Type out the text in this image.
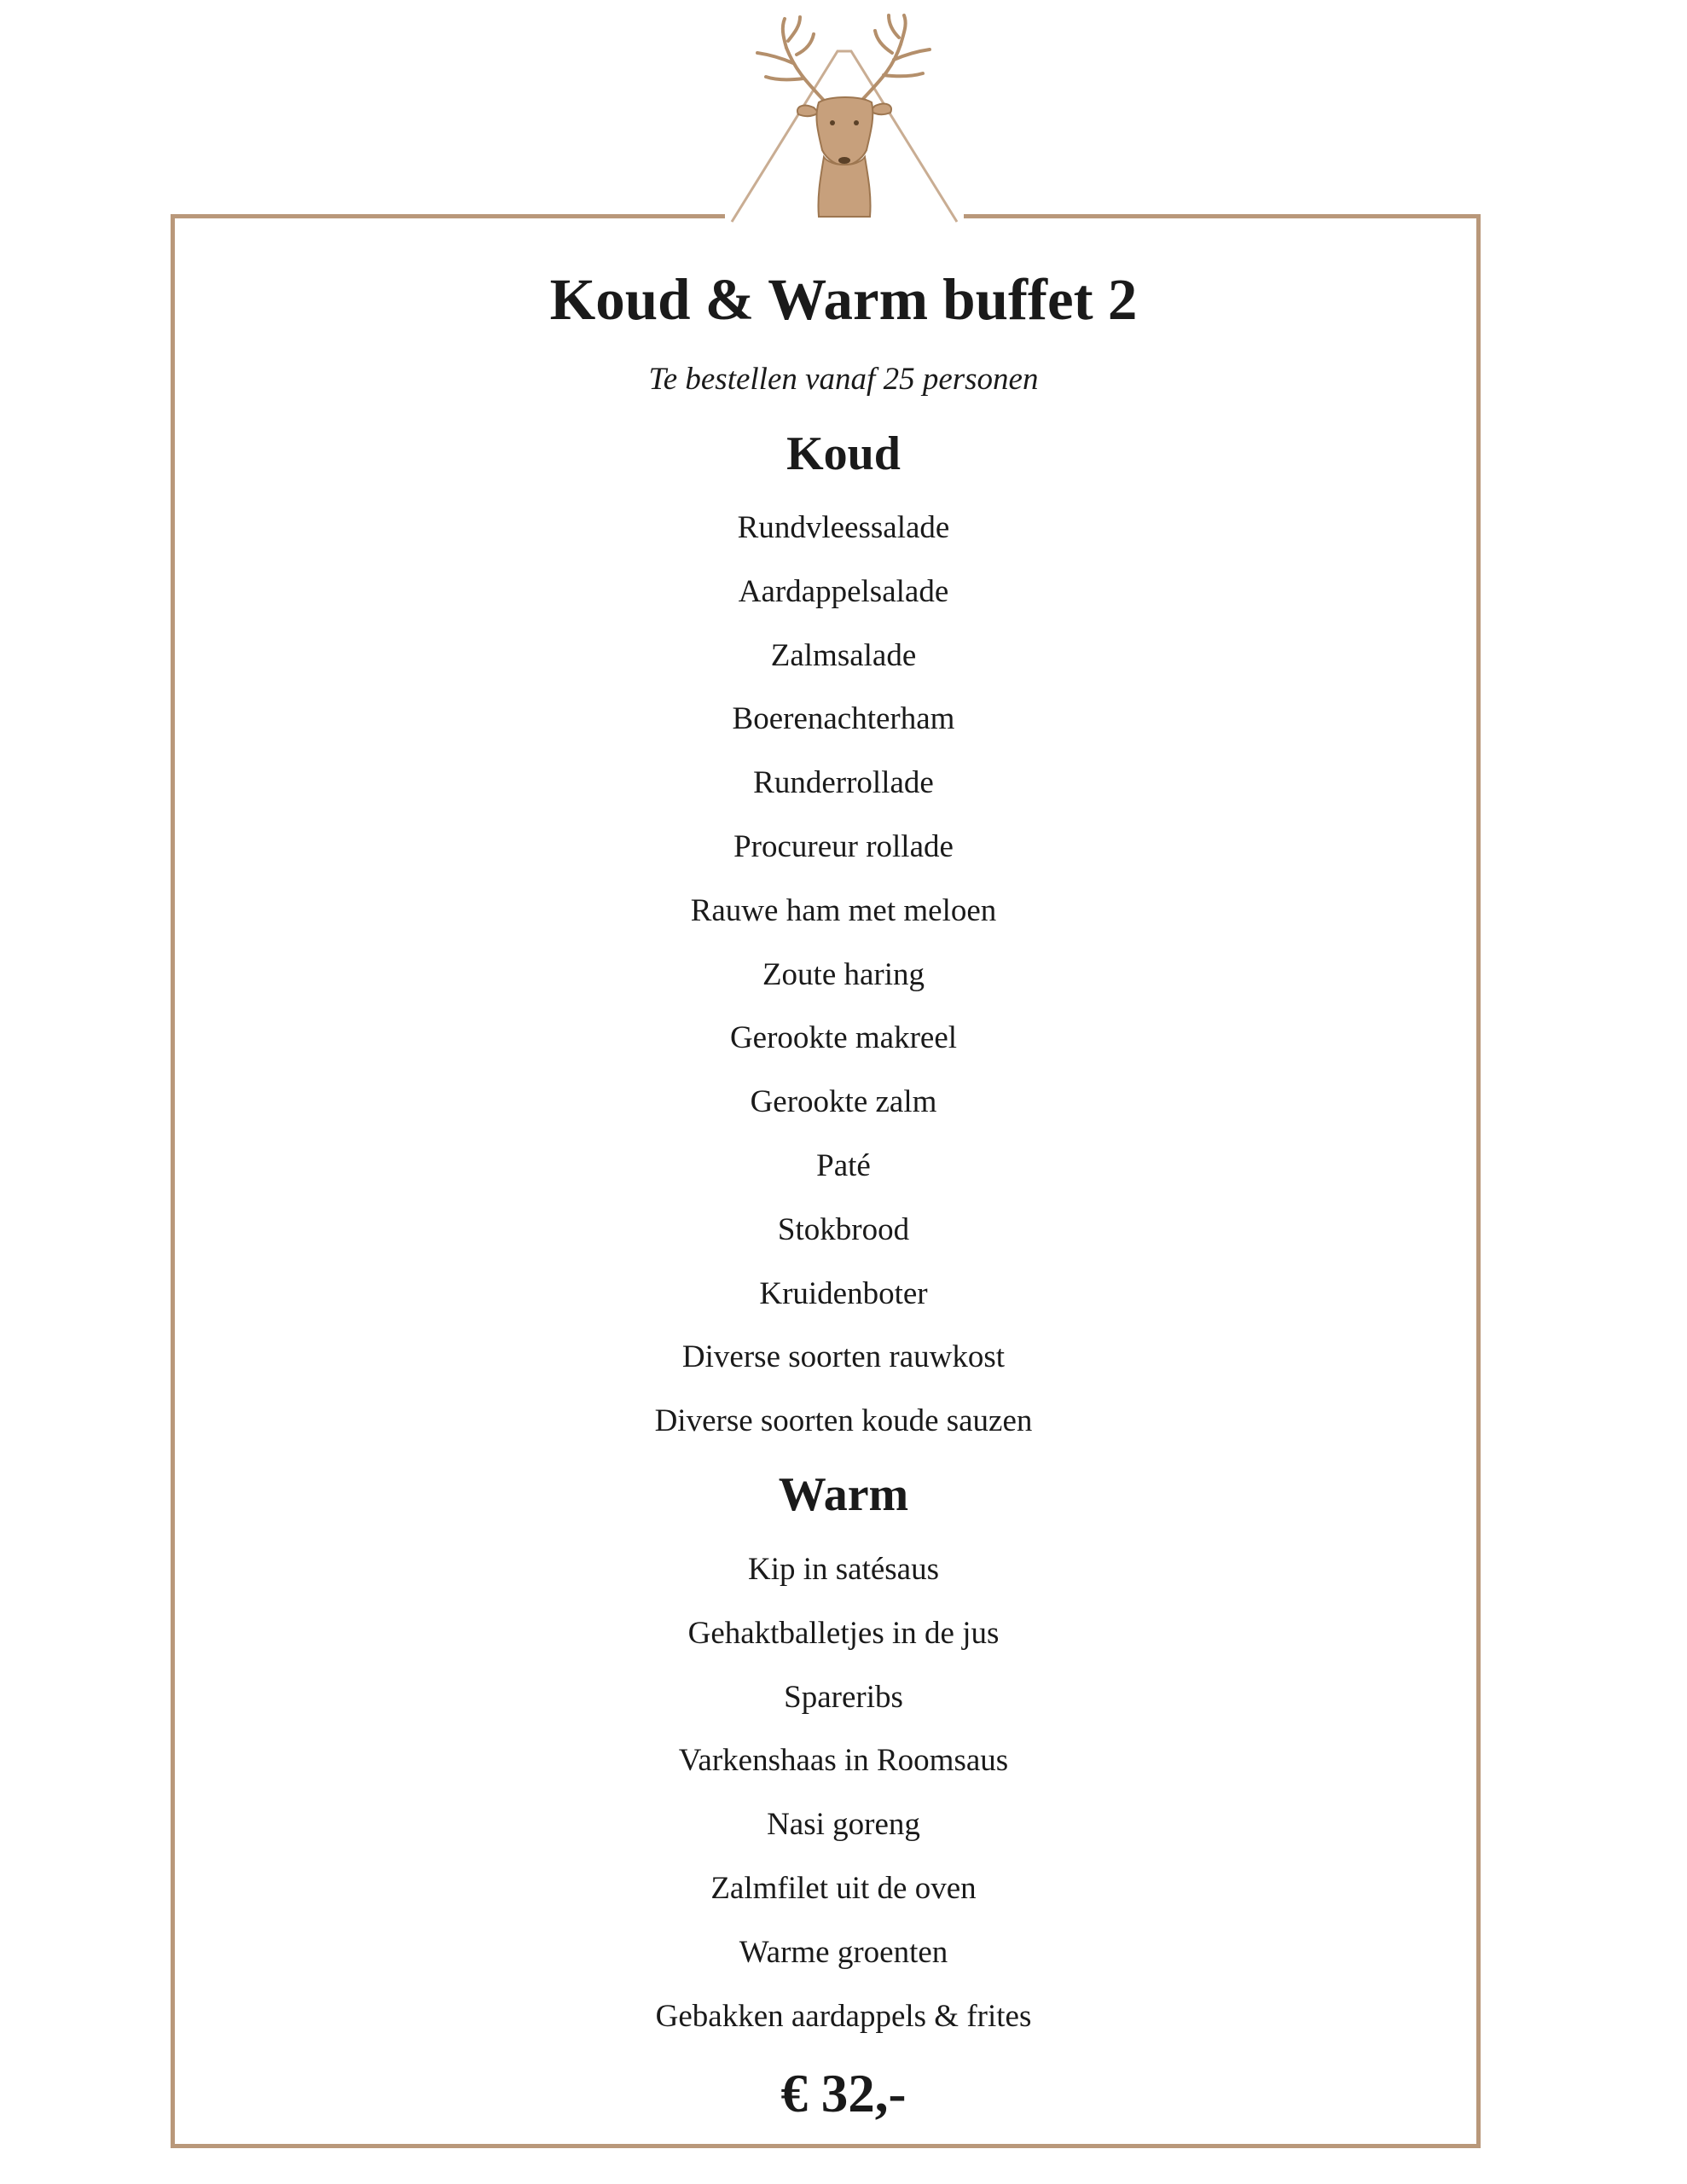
Koud & Warm buffet 2

Te bestellen vanaf 25 personen

Koud

Rundvleessalade

Aardappelsalade

Zalmsalade

Boerenachterham

Runderrollade

Procureur rollade

Rauwe ham met meloen

Zoute haring

Gerookte makreel

Gerookte zalm

Paté

Stokbrood

Kruidenboter

Diverse soorten rauwkost

Diverse soorten koude sauzen

Warm

Kip in satésaus

Gehaktballetjes in de jus

Spareribs

Varkenshaas in Roomsaus

Nasi goreng

Zalmfilet uit de oven

Warme groenten

Gebakken aardappels & frites

€ 32,-
